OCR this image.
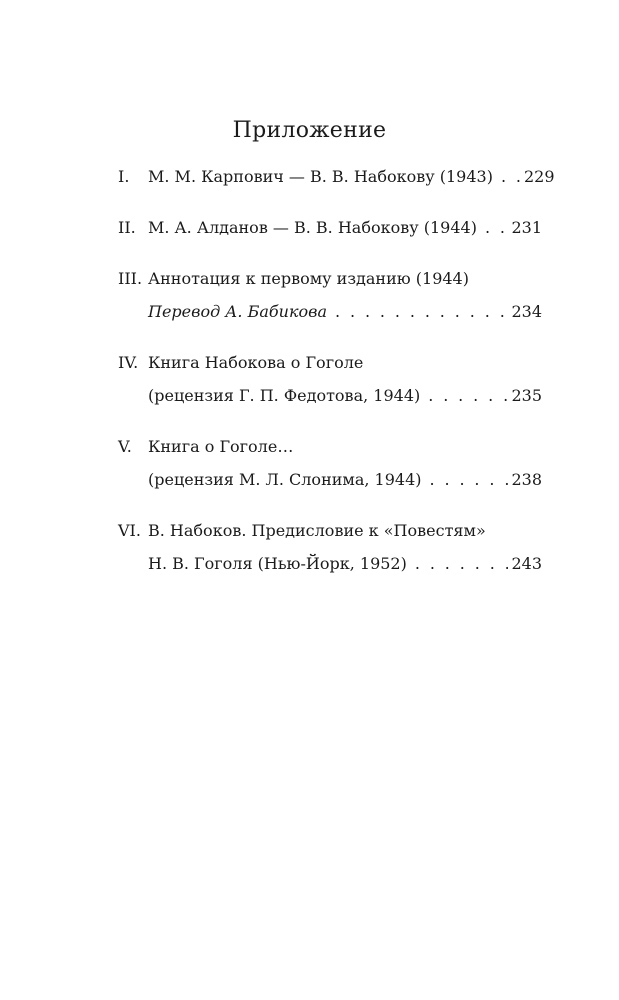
Приложение
I.	М. М. Карпович — В. В. Набокову (1943) . . . 229
II. М. А. Алданов — В. В. Набокову (1944) . . . 231
III. Аннотация к первому изданию (1944)
Перевод А. Бабикова . . .	234
IV. Книга Набокова о Гоголе
(рецензия Г. П. Федотова, 1944) . . .	235
V.	Книга о Гоголе…
(рецензия М. Л. Слонима, 1944) . . .	238
VI. В. Набоков. Предисловие к «Повестям»
Н. В. Гоголя (Нью-Йорк, 1952) . . .	243
